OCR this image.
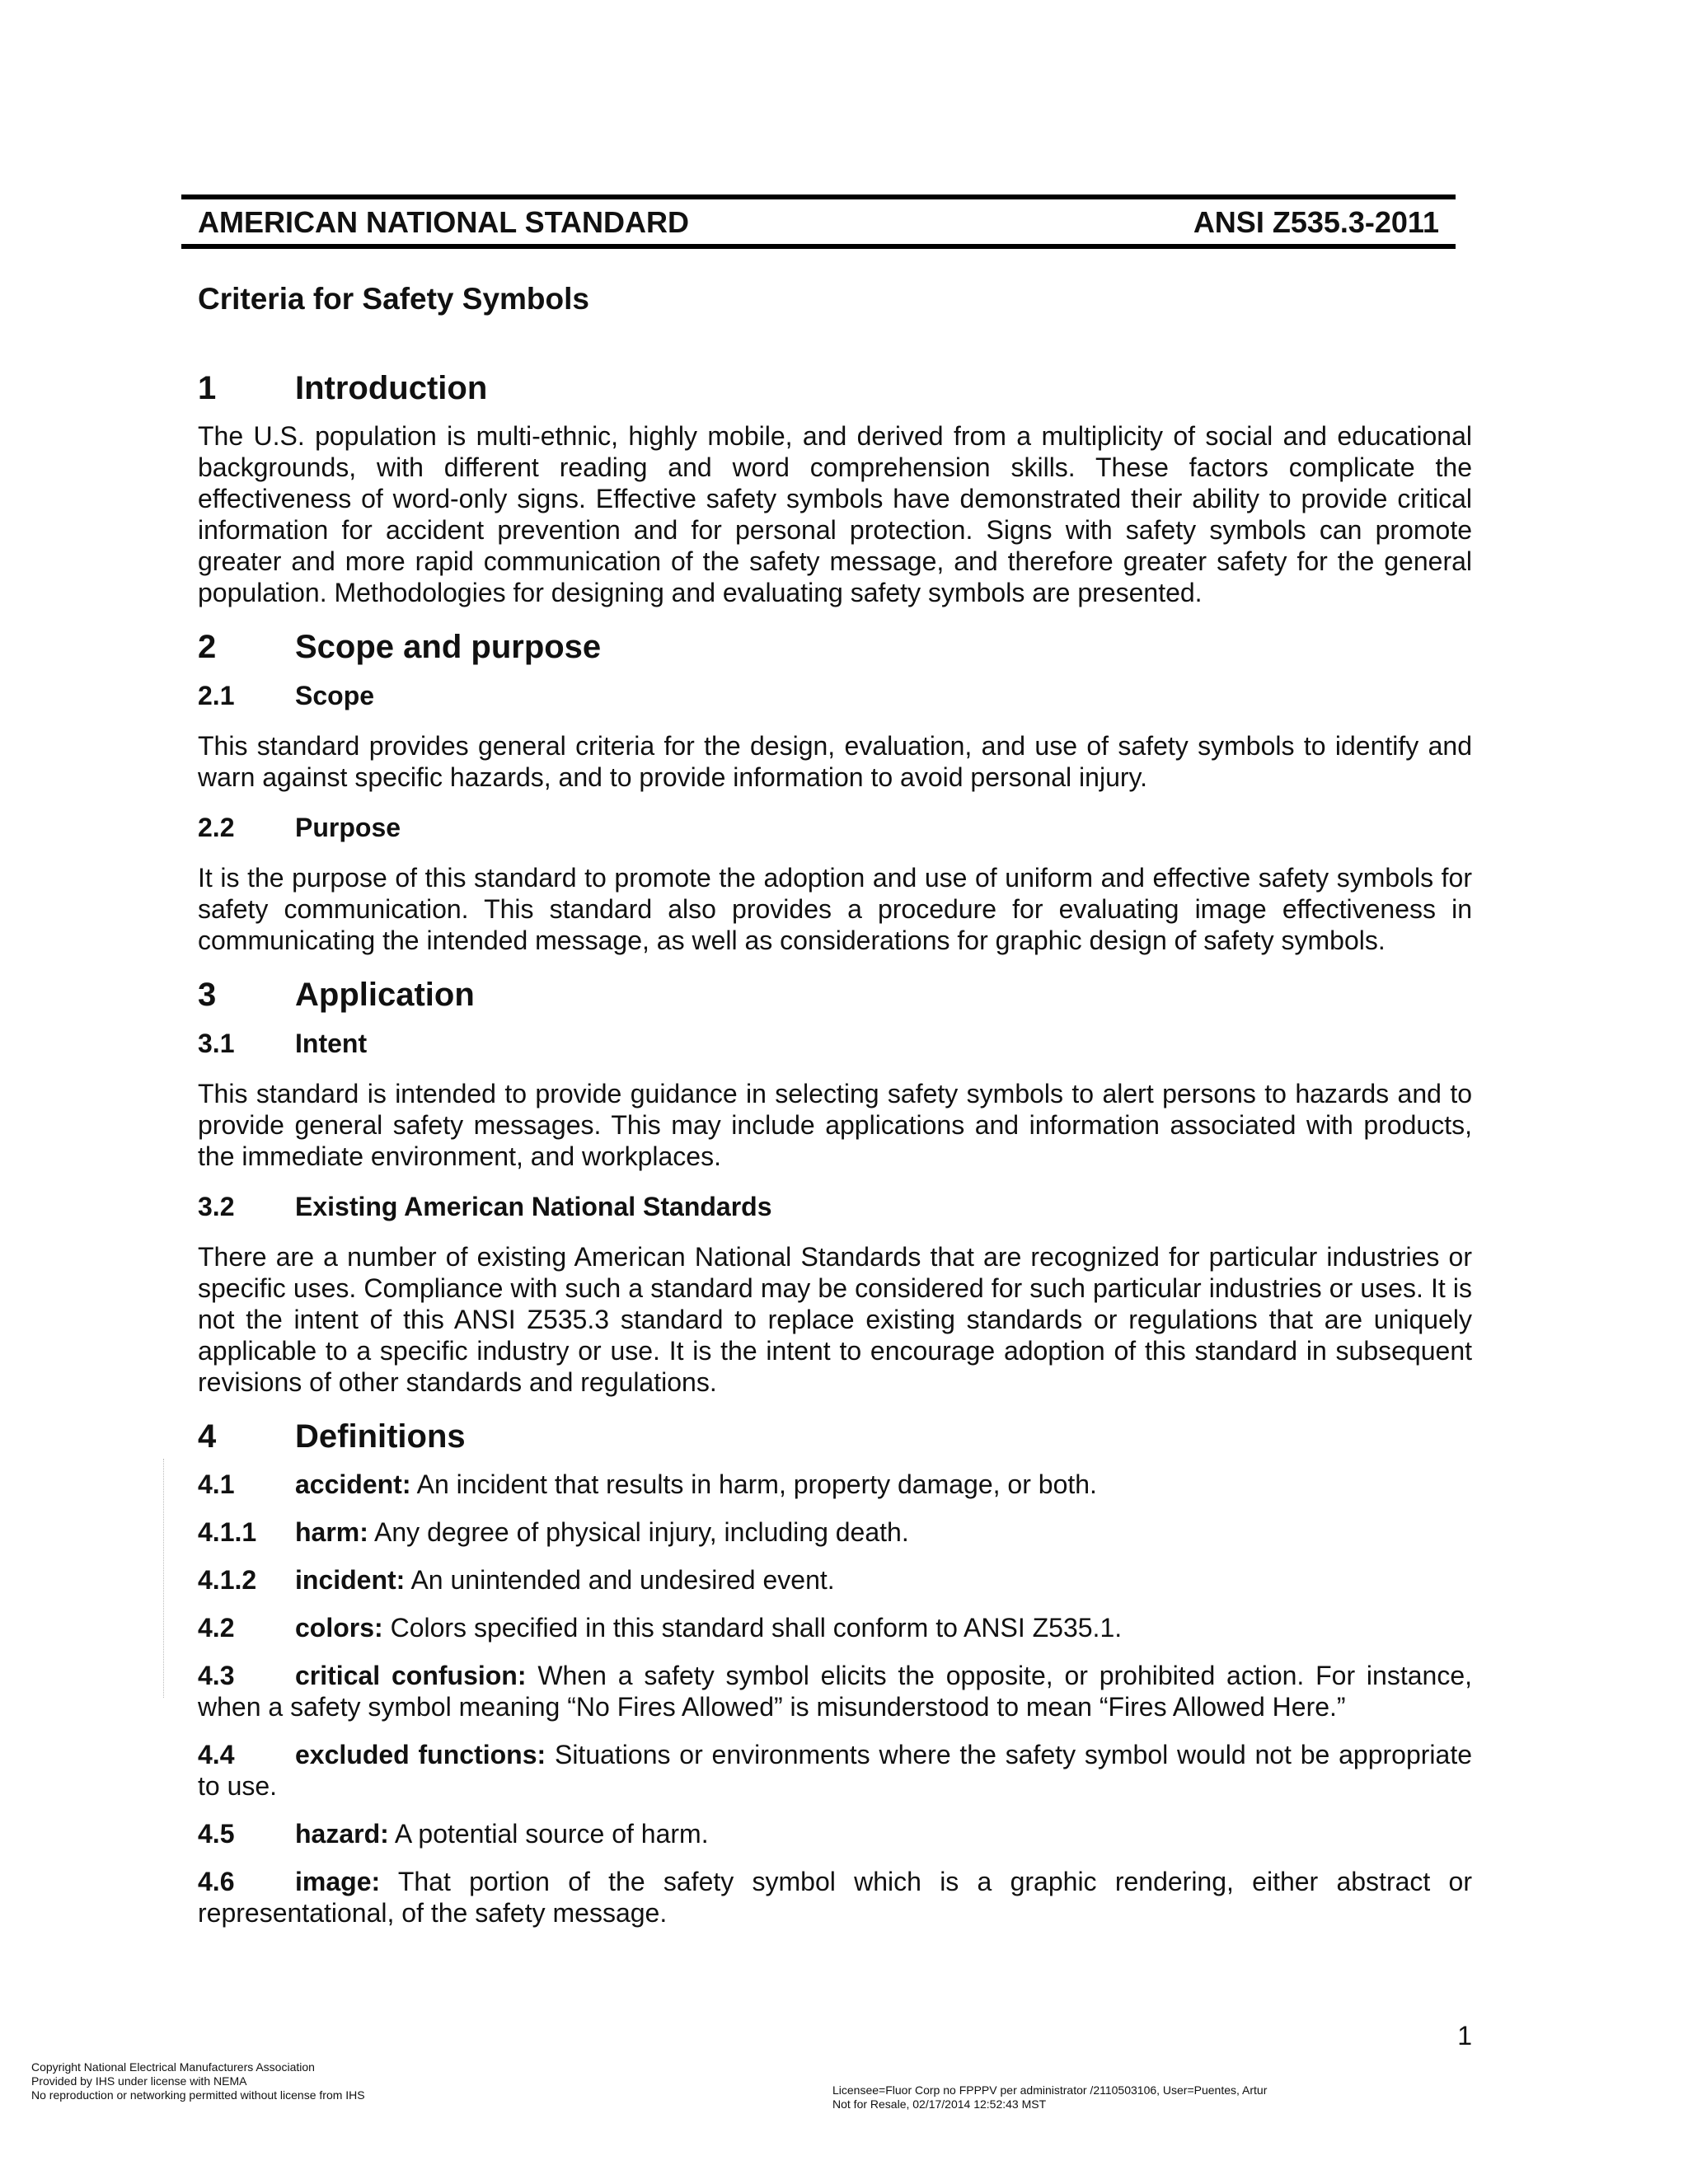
AMERICAN NATIONAL STANDARD	ANSI Z535.3-2011
Criteria for Safety Symbols
1	Introduction

The U.S. population is multi-ethnic, highly mobile, and derived from a multiplicity of social and educational backgrounds, with different reading and word comprehension skills. These factors complicate the effectiveness of word-only signs. Effective safety symbols have demonstrated their ability to provide critical information for accident prevention and for personal protection. Signs with safety symbols can promote greater and more rapid communication of the safety message, and therefore greater safety for the general population. Methodologies for designing and evaluating safety symbols are presented.

2	Scope and purpose
2.1	Scope

This standard provides general criteria for the design, evaluation, and use of safety symbols to identify and warn against specific hazards, and to provide information to avoid personal injury.

2.2	Purpose

It is the purpose of this standard to promote the adoption and use of uniform and effective safety symbols for safety communication. This standard also provides a procedure for evaluating image effectiveness in communicating the intended message, as well as considerations for graphic design of safety symbols.

3	Application
3.1	Intent

This standard is intended to provide guidance in selecting safety symbols to alert persons to hazards and to provide general safety messages. This may include applications and information associated with products, the immediate environment, and workplaces.

3.2	Existing American National Standards

There are a number of existing American National Standards that are recognized for particular industries or specific uses. Compliance with such a standard may be considered for such particular industries or uses. It is not the intent of this ANSI Z535.3 standard to replace existing standards or regulations that are uniquely applicable to a specific industry or use. It is the intent to encourage adoption of this standard in subsequent revisions of other standards and regulations.

4	Definitions
4.1 accident: An incident that results in harm, property damage, or both.
4.1.1 harm: Any degree of physical injury, including death.
4.1.2 incident: An unintended and undesired event.
4.2 colors: Colors specified in this standard shall conform to ANSI Z535.1.
4.3 critical confusion: When a safety symbol elicits the opposite, or prohibited action. For instance, when a safety symbol meaning “No Fires Allowed” is misunderstood to mean “Fires Allowed Here.”
4.4 excluded functions: Situations or environments where the safety symbol would not be appropriate to use.
4.5 hazard: A potential source of harm.
4.6 image: That portion of the safety symbol which is a graphic rendering, either abstract or representational, of the safety message.
1
Copyright National Electrical Manufacturers Association
Provided by IHS under license with NEMA
No reproduction or networking permitted without license from IHS	Licensee=Fluor Corp no FPPPV per administrator /2110503106, User=Puentes, Artur
Not for Resale, 02/17/2014 12:52:43 MST
